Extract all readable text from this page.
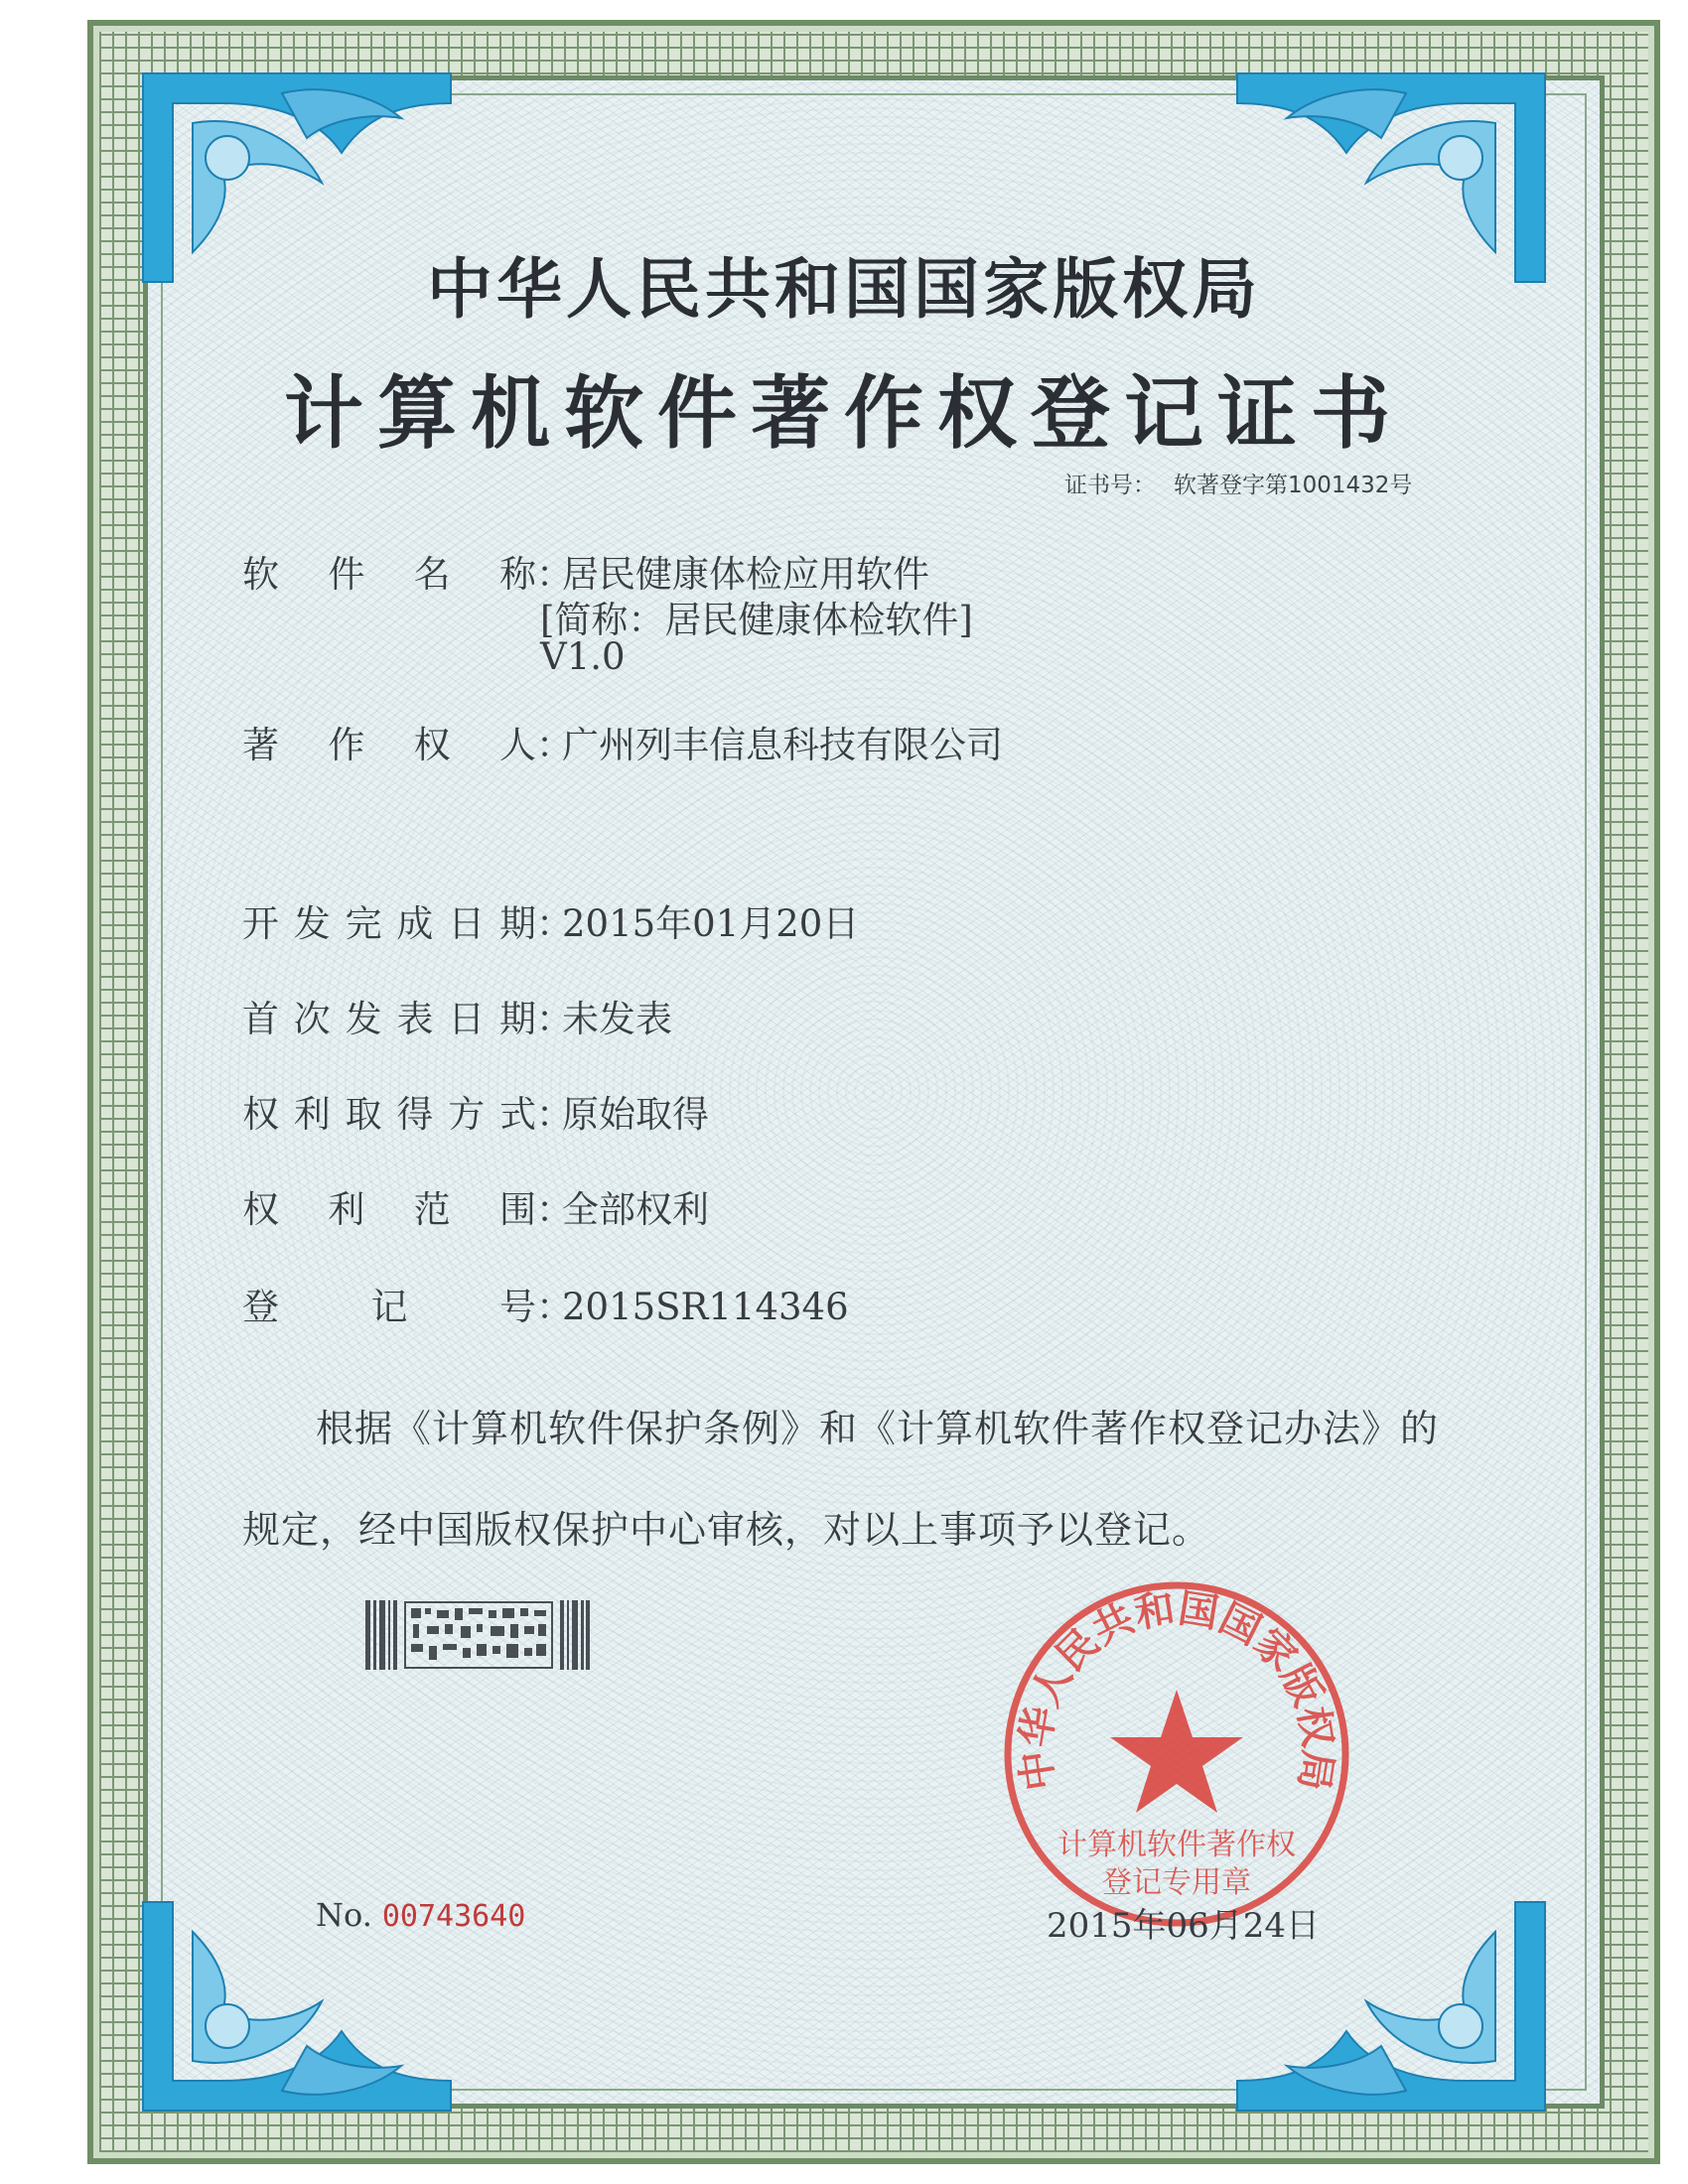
中华人民共和国国家版权局
计算机软件著作权登记证书
证书号： 软著登字第1001432号
软件名称：居民健康体检应用软件
[简称：居民健康体检软件]
V1.0
著作权人：广州列丰信息科技有限公司
开发完成日期：2015年01月20日
首次发表日期：未发表
权利取得方式：原始取得
权利范围：全部权利
登记号：2015SR114346
根据《计算机软件保护条例》和《计算机软件著作权登记办法》的
规定，经中国版权保护中心审核，对以上事项予以登记。
No. 00743640
中华人民共和国国家版权局
计算机软件著作权
登记专用章
2015年06月24日
